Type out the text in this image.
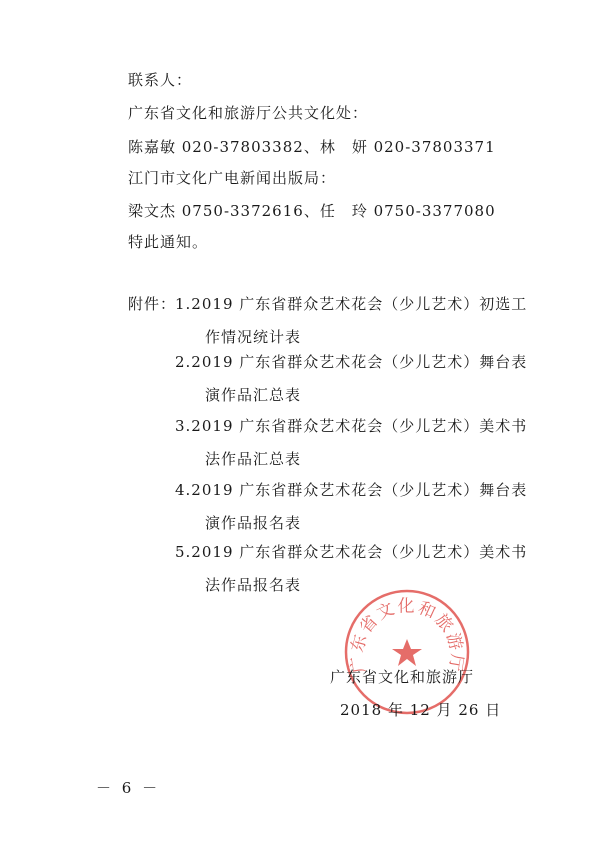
联系人：
广东省文化和旅游厅公共文化处：
陈嘉敏 020-37803382、林　妍 020-37803371
江门市文化广电新闻出版局：
梁文杰 0750-3372616、任　玲 0750-3377080
特此通知。
附件：
1.2019 广东省群众艺术花会（少儿艺术）初选工
作情况统计表
2.2019 广东省群众艺术花会（少儿艺术）舞台表
演作品汇总表
3.2019 广东省群众艺术花会（少儿艺术）美术书
法作品汇总表
4.2019 广东省群众艺术花会（少儿艺术）舞台表
演作品报名表
5.2019 广东省群众艺术花会（少儿艺术）美术书
法作品报名表
广东省文化和旅游厅
广东省文化和旅游厅
2018 年 12 月 26 日
－ 6 －
